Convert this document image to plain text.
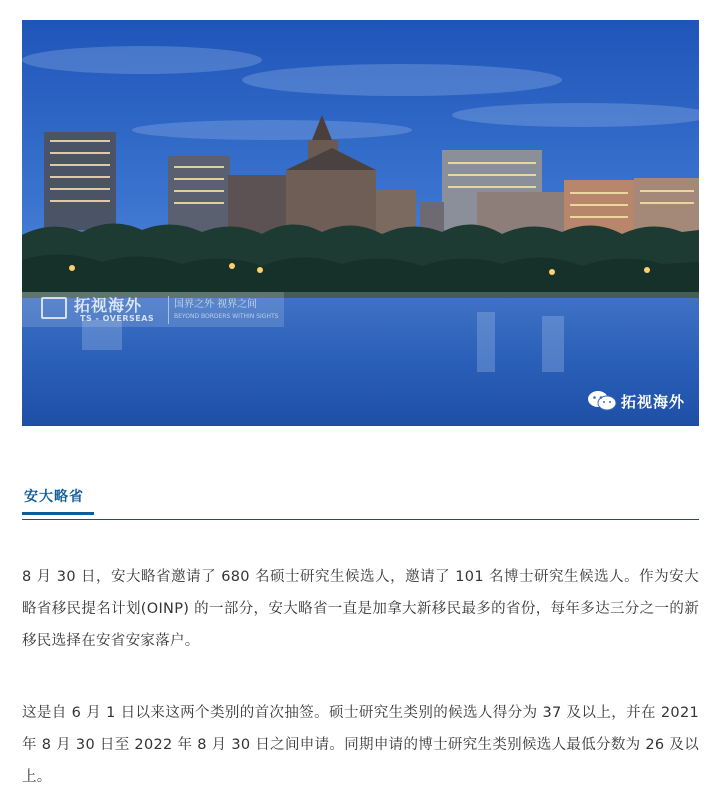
拓视海外
TS - OVERSEAS
国界之外 视界之间
BEYOND BORDERS WITHIN SIGHTS
拓视海外
安大略省

8 月 30 日，安大略省邀请了 680 名硕士研究生候选人，邀请了 101 名博士研究生候选人。作为安大略省移民提名计划(OINP) 的一部分，安大略省一直是加拿大新移民最多的省份，每年多达三分之一的新移民选择在安省安家落户。

这是自 6 月 1 日以来这两个类别的首次抽签。硕士研究生类别的候选人得分为 37 及以上，并在 2021 年 8 月 30 日至 2022 年 8 月 30 日之间申请。同期申请的博士研究生类别候选人最低分数为 26 及以上。
